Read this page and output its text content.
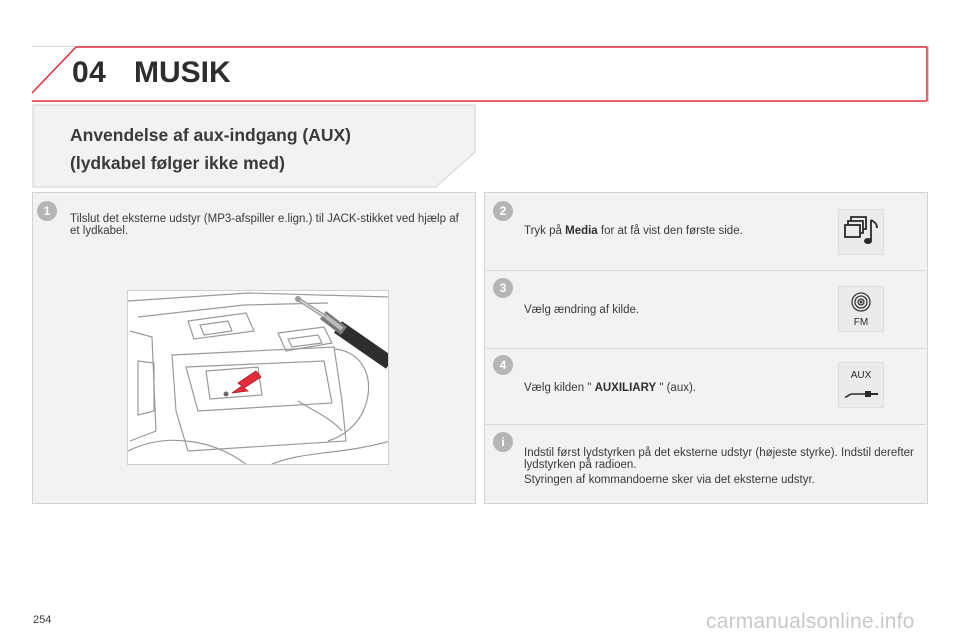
04 MUSIK
Anvendelse af aux-indgang (AUX)
(lydkabel følger ikke med)
1
Tilslut det eksterne udstyr (MP3-afspiller e.lign.) til JACK-stikket ved hjælp af et lydkabel.
2
Tryk på Media for at få vist den første side.
3
Vælg ændring af kilde.
FM
4
Vælg kilden " AUXILIARY " (aux).
AUX
i
Indstil først lydstyrken på det eksterne udstyr (højeste styrke). Indstil derefter lydstyrken på radioen.
Styringen af kommandoerne sker via det eksterne udstyr.
254	carmanualsonline.info
